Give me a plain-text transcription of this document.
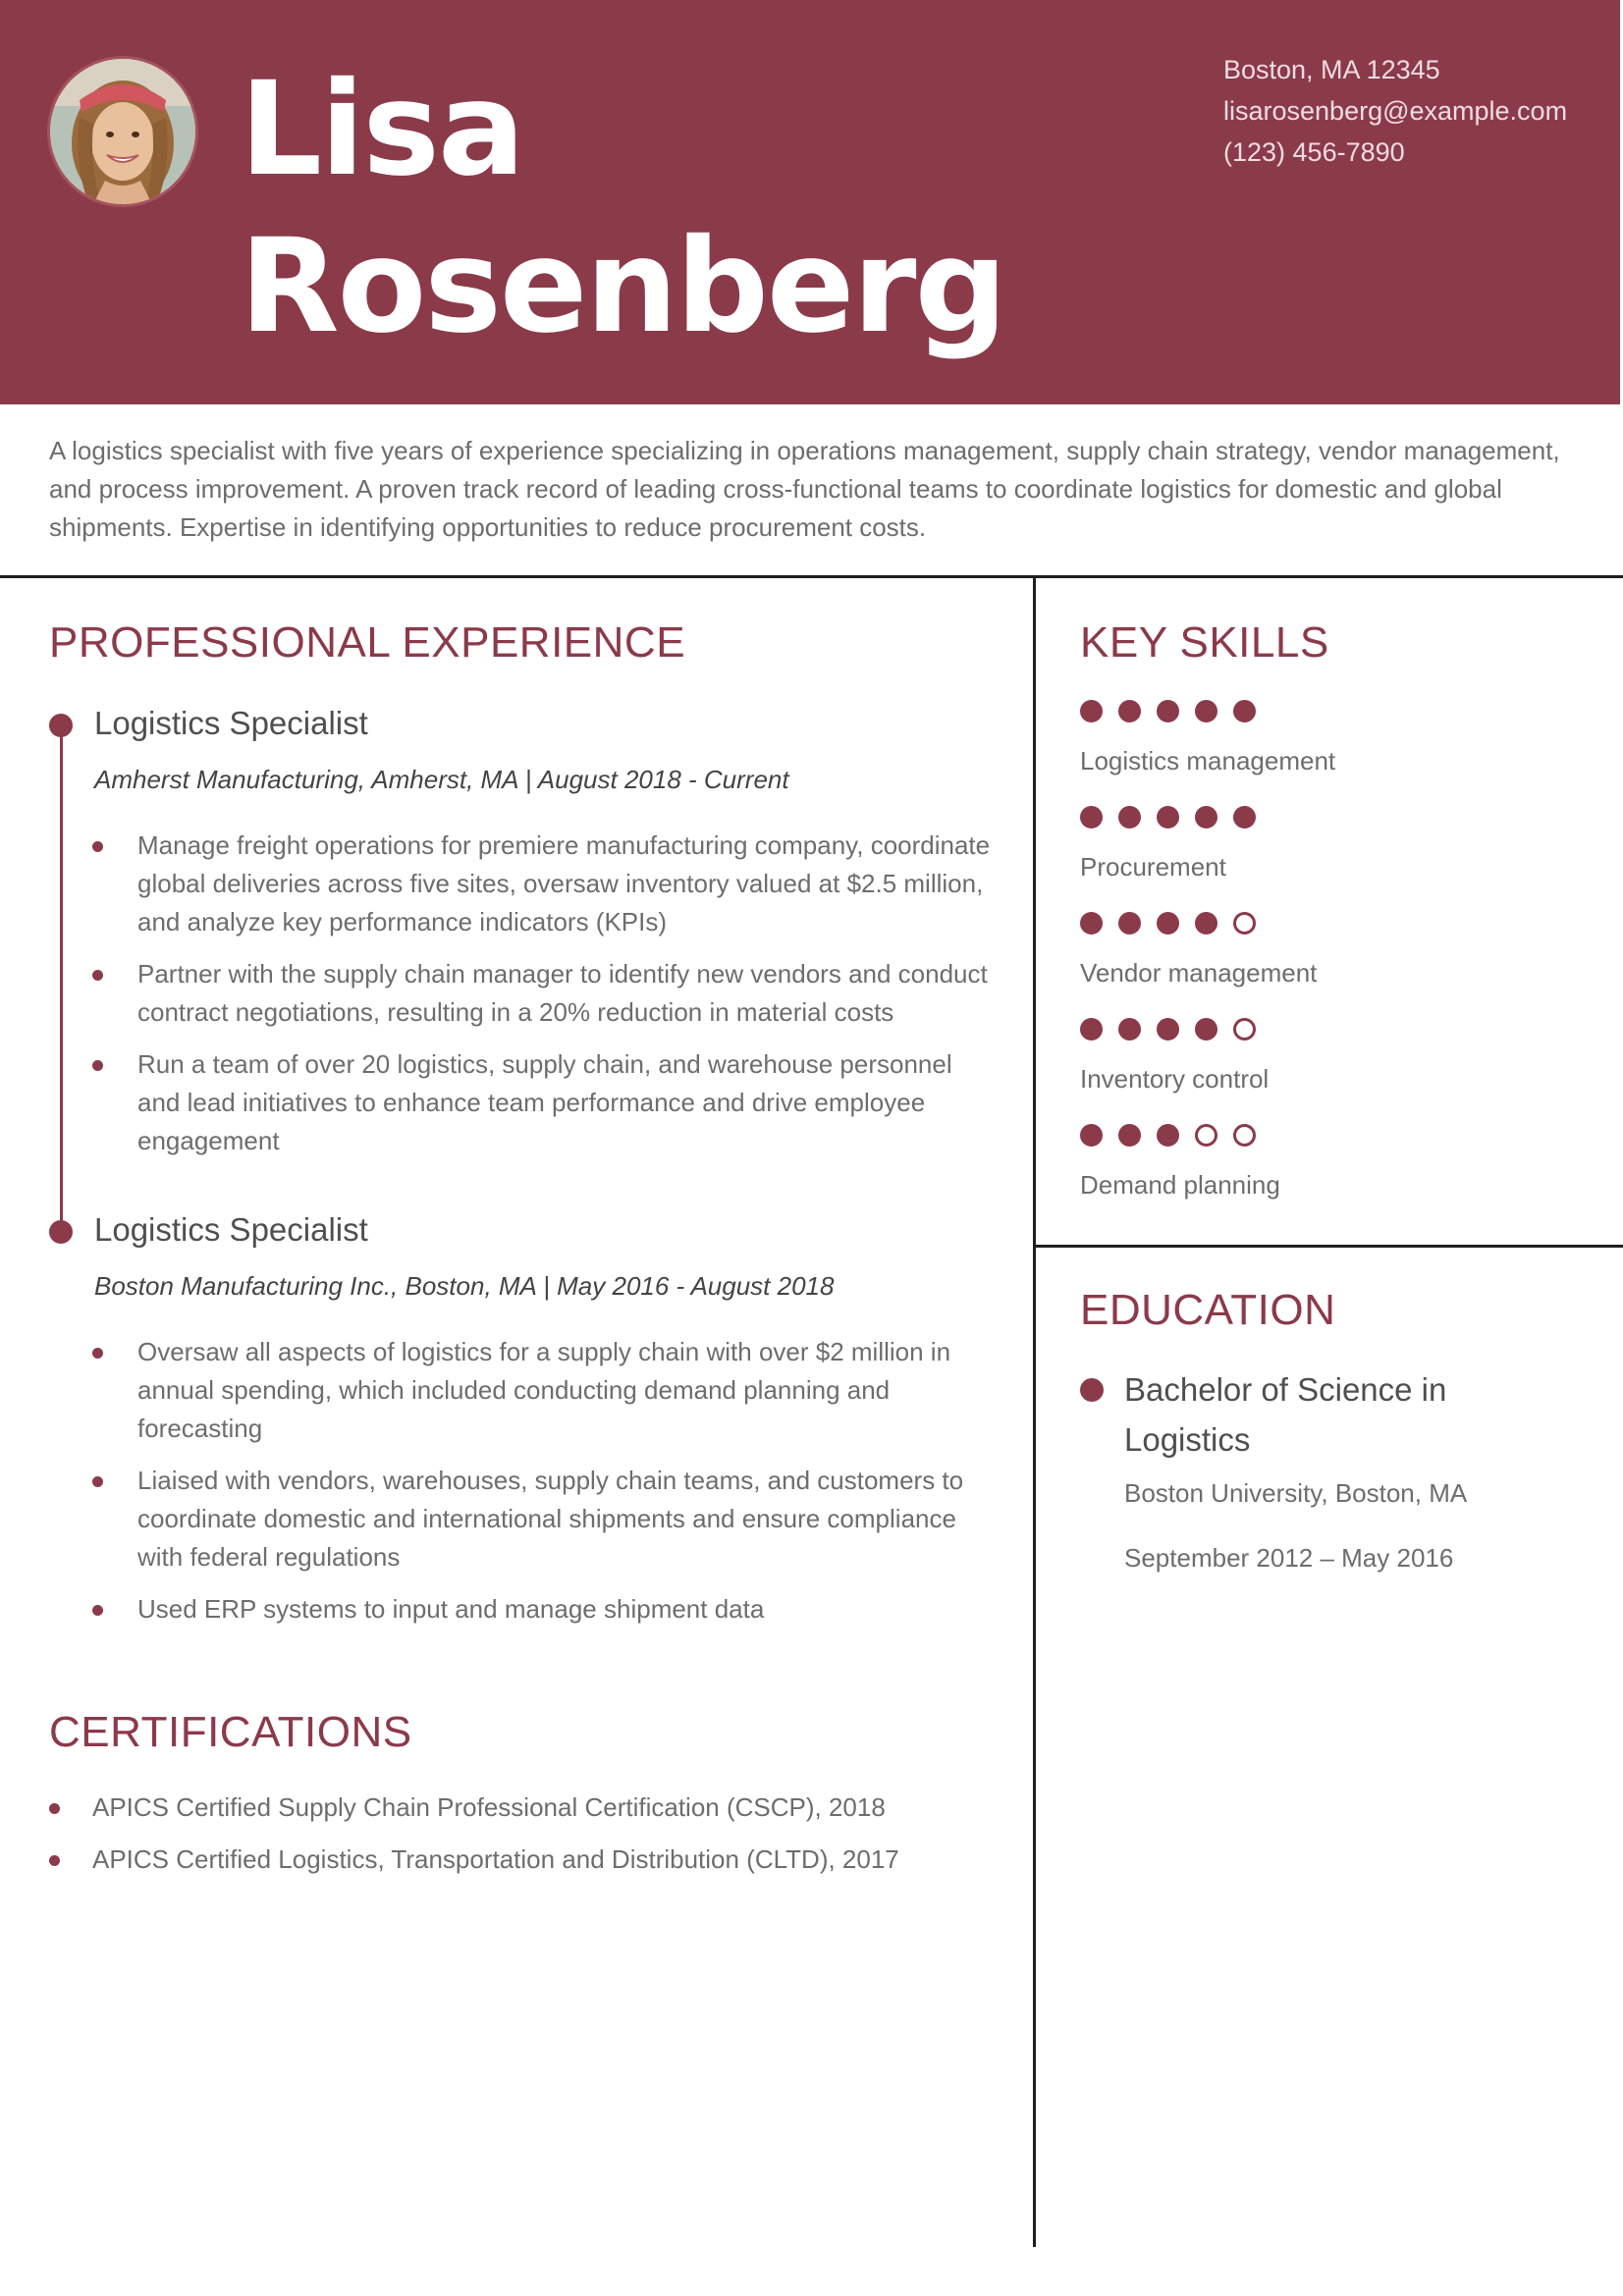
Lisa
Rosenberg
Boston, MA 12345
lisarosenberg@example.com
(123) 456-7890

A logistics specialist with five years of experience specializing in operations management, supply chain strategy, vendor management, and process improvement. A proven track record of leading cross-functional teams to coordinate logistics for domestic and global shipments. Expertise in identifying opportunities to reduce procurement costs.

PROFESSIONAL EXPERIENCE
Logistics Specialist
Amherst Manufacturing, Amherst, MA | August 2018 - Current
Manage freight operations for premiere manufacturing company, coordinate global deliveries across five sites, oversaw inventory valued at $2.5 million, and analyze key performance indicators (KPIs)
Partner with the supply chain manager to identify new vendors and conduct contract negotiations, resulting in a 20% reduction in material costs
Run a team of over 20 logistics, supply chain, and warehouse personnel and lead initiatives to enhance team performance and drive employee engagement
Logistics Specialist
Boston Manufacturing Inc., Boston, MA | May 2016 - August 2018
Oversaw all aspects of logistics for a supply chain with over $2 million in annual spending, which included conducting demand planning and forecasting
Liaised with vendors, warehouses, supply chain teams, and customers to coordinate domestic and international shipments and ensure compliance with federal regulations
Used ERP systems to input and manage shipment data
CERTIFICATIONS
APICS Certified Supply Chain Professional Certification (CSCP), 2018
APICS Certified Logistics, Transportation and Distribution (CLTD), 2017
KEY SKILLS
Logistics management
Procurement
Vendor management
Inventory control
Demand planning
EDUCATION
Bachelor of Science in Logistics
Boston University, Boston, MA
September 2012 – May 2016
